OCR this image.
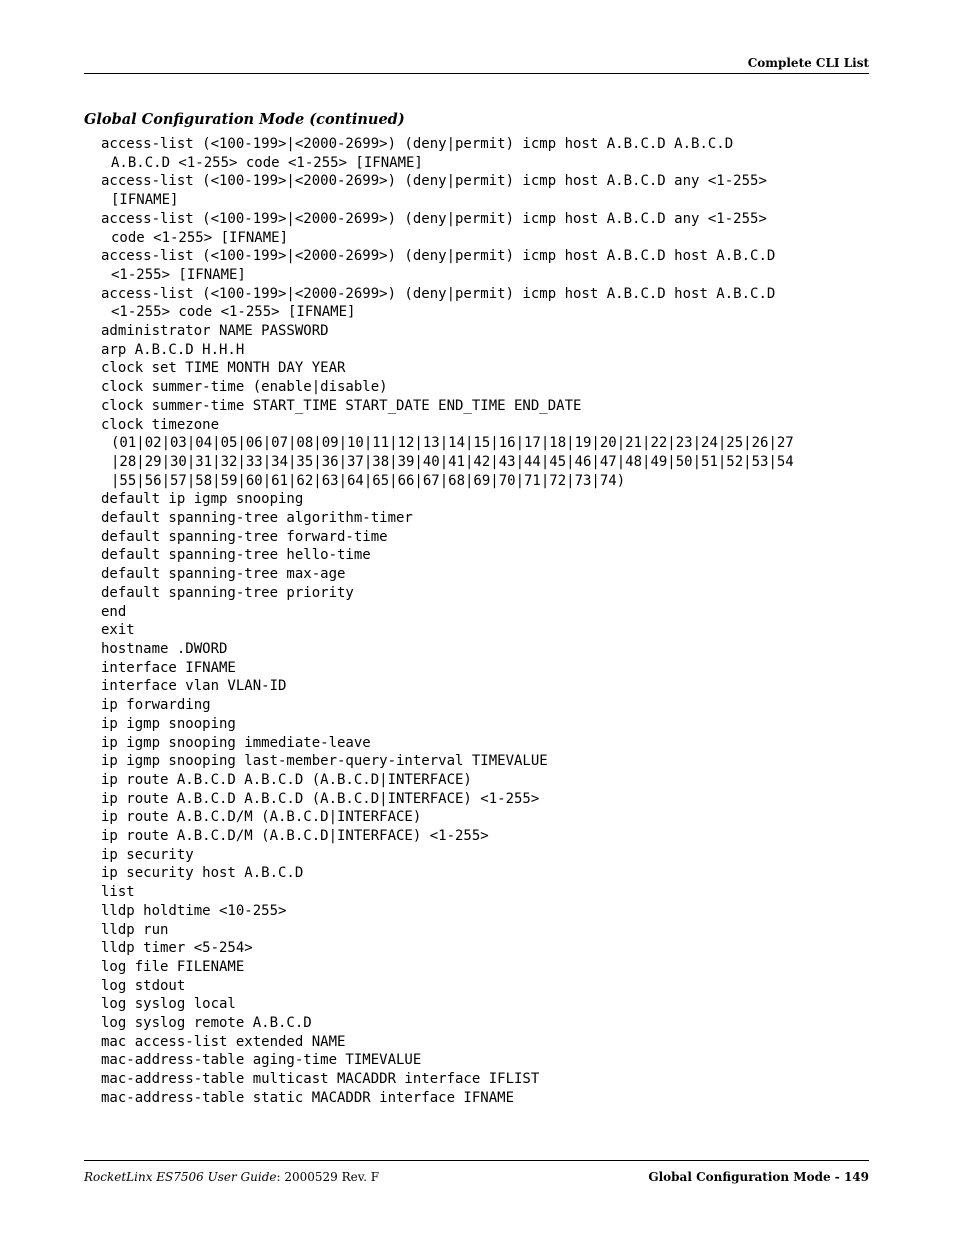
Complete CLI List
Global Configuration Mode (continued)
access-list (<100-199>|<2000-2699>) (deny|permit) icmp host A.B.C.D A.B.C.D
A.B.C.D <1-255> code <1-255> [IFNAME]
access-list (<100-199>|<2000-2699>) (deny|permit) icmp host A.B.C.D any <1-255>
[IFNAME]
access-list (<100-199>|<2000-2699>) (deny|permit) icmp host A.B.C.D any <1-255>
code <1-255> [IFNAME]
access-list (<100-199>|<2000-2699>) (deny|permit) icmp host A.B.C.D host A.B.C.D
<1-255> [IFNAME]
access-list (<100-199>|<2000-2699>) (deny|permit) icmp host A.B.C.D host A.B.C.D
<1-255> code <1-255> [IFNAME]
administrator NAME PASSWORD
arp A.B.C.D H.H.H
clock set TIME MONTH DAY YEAR
clock summer-time (enable|disable)
clock summer-time START_TIME START_DATE END_TIME END_DATE
clock timezone
(01|02|03|04|05|06|07|08|09|10|11|12|13|14|15|16|17|18|19|20|21|22|23|24|25|26|27
|28|29|30|31|32|33|34|35|36|37|38|39|40|41|42|43|44|45|46|47|48|49|50|51|52|53|54
|55|56|57|58|59|60|61|62|63|64|65|66|67|68|69|70|71|72|73|74)
default ip igmp snooping
default spanning-tree algorithm-timer
default spanning-tree forward-time
default spanning-tree hello-time
default spanning-tree max-age
default spanning-tree priority
end
exit
hostname .DWORD
interface IFNAME
interface vlan VLAN-ID
ip forwarding
ip igmp snooping
ip igmp snooping immediate-leave
ip igmp snooping last-member-query-interval TIMEVALUE
ip route A.B.C.D A.B.C.D (A.B.C.D|INTERFACE)
ip route A.B.C.D A.B.C.D (A.B.C.D|INTERFACE) <1-255>
ip route A.B.C.D/M (A.B.C.D|INTERFACE)
ip route A.B.C.D/M (A.B.C.D|INTERFACE) <1-255>
ip security
ip security host A.B.C.D
list
lldp holdtime <10-255>
lldp run
lldp timer <5-254>
log file FILENAME
log stdout
log syslog local
log syslog remote A.B.C.D
mac access-list extended NAME
mac-address-table aging-time TIMEVALUE
mac-address-table multicast MACADDR interface IFLIST
mac-address-table static MACADDR interface IFNAME
RocketLinx ES7506 User Guide: 2000529 Rev. F	Global Configuration Mode - 149
